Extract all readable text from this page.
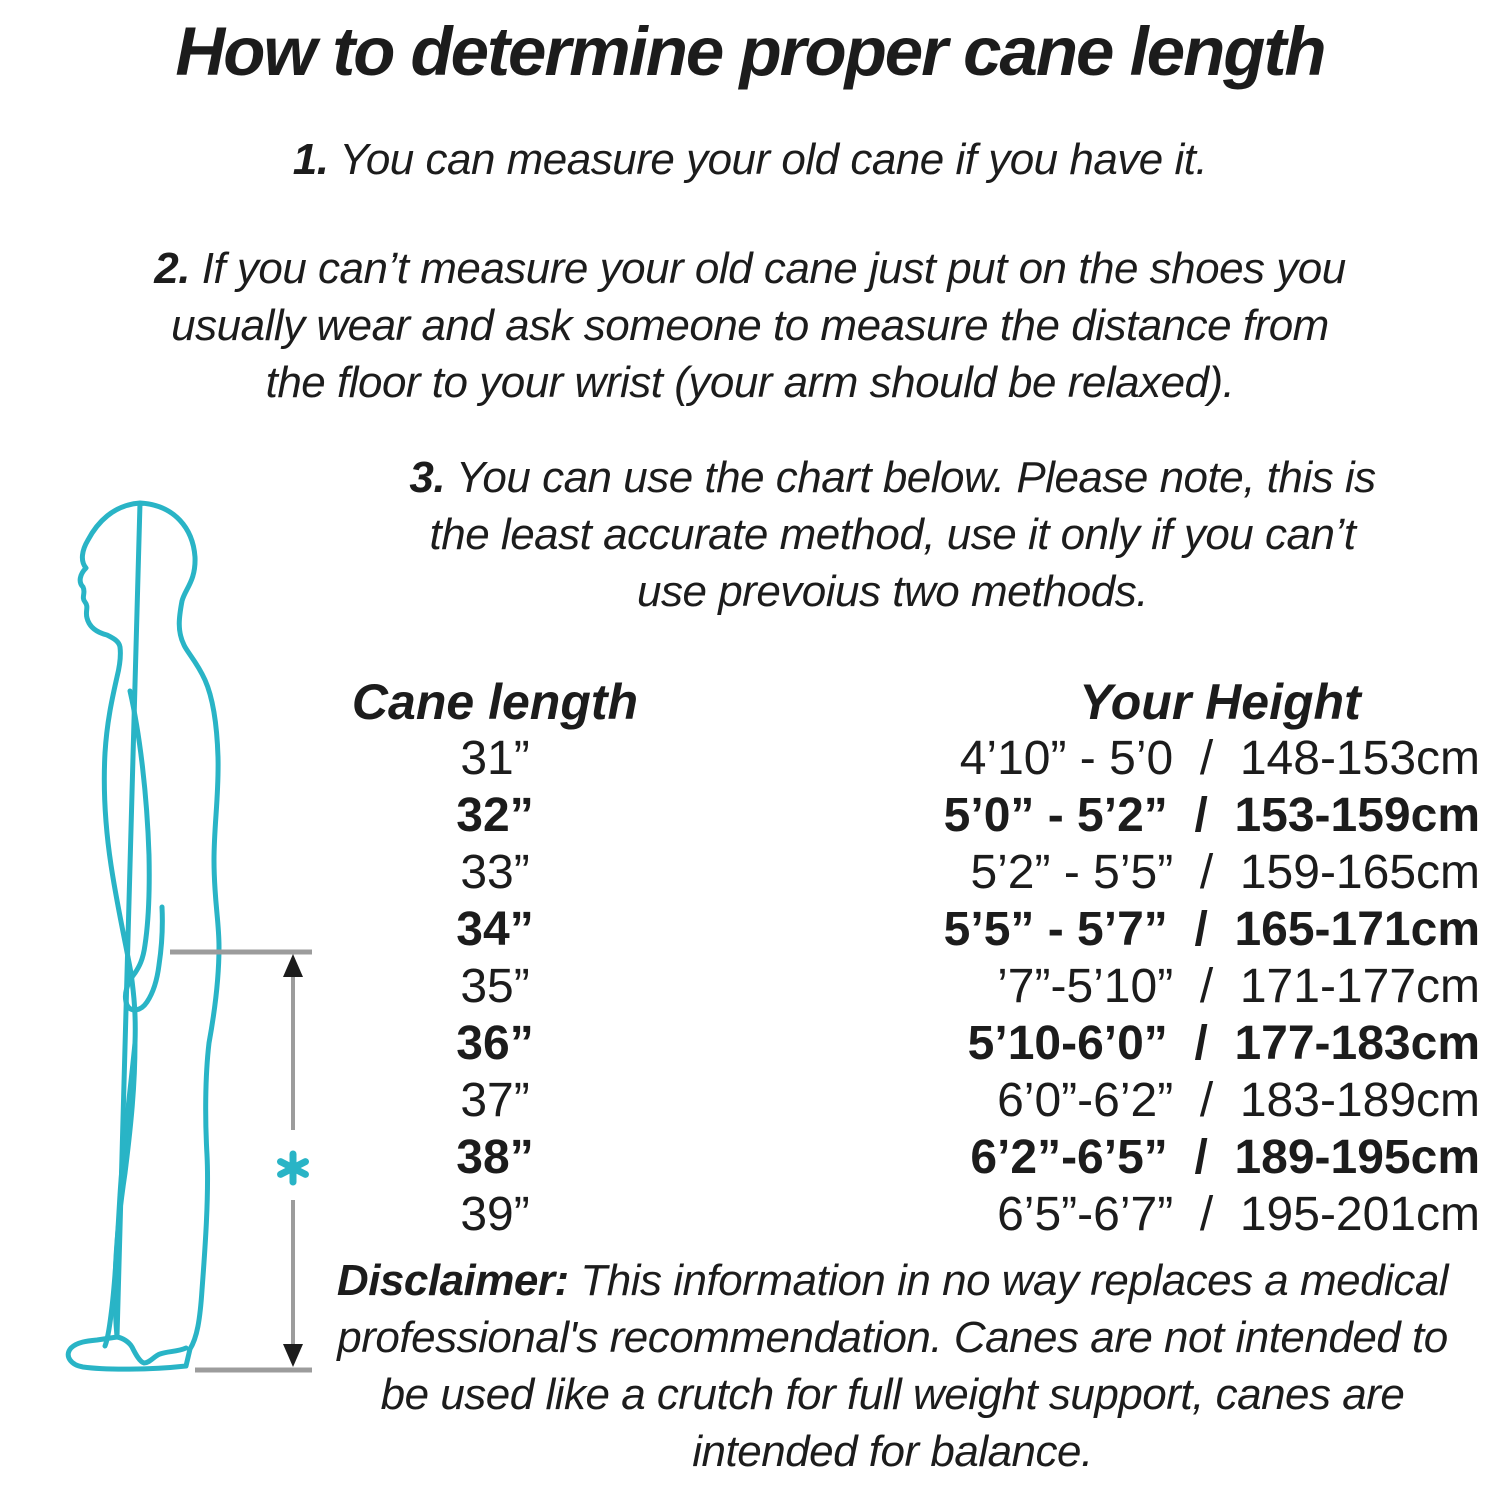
How to determine proper cane length
1. You can measure your old cane if you have it.
2. If you can’t measure your old cane just put on the shoes you
usually wear and ask someone to measure the distance from
the floor to your wrist (your arm should be relaxed).
3. You can use the chart below. Please note, this is
the least accurate method, use it only if you can’t
use prevoius two methods.
Cane length	Your Height
31”	4’10” - 5’0  /  148-153cm
32”	5’0” - 5’2”  /  153-159cm
33”	5’2” - 5’5”  /  159-165cm
34”	5’5” - 5’7”  /  165-171cm
35”	’7”-5’10”  /  171-177cm
36”	5’10-6’0”  /  177-183cm
37”	6’0”-6’2”  /  183-189cm
38”	6’2”-6’5”  /  189-195cm
39”	6’5”-6’7”  /  195-201cm
Disclaimer: This information in no way replaces a medical
professional's recommendation. Canes are not intended to
be used like a crutch for full weight support, canes are
intended for balance.
